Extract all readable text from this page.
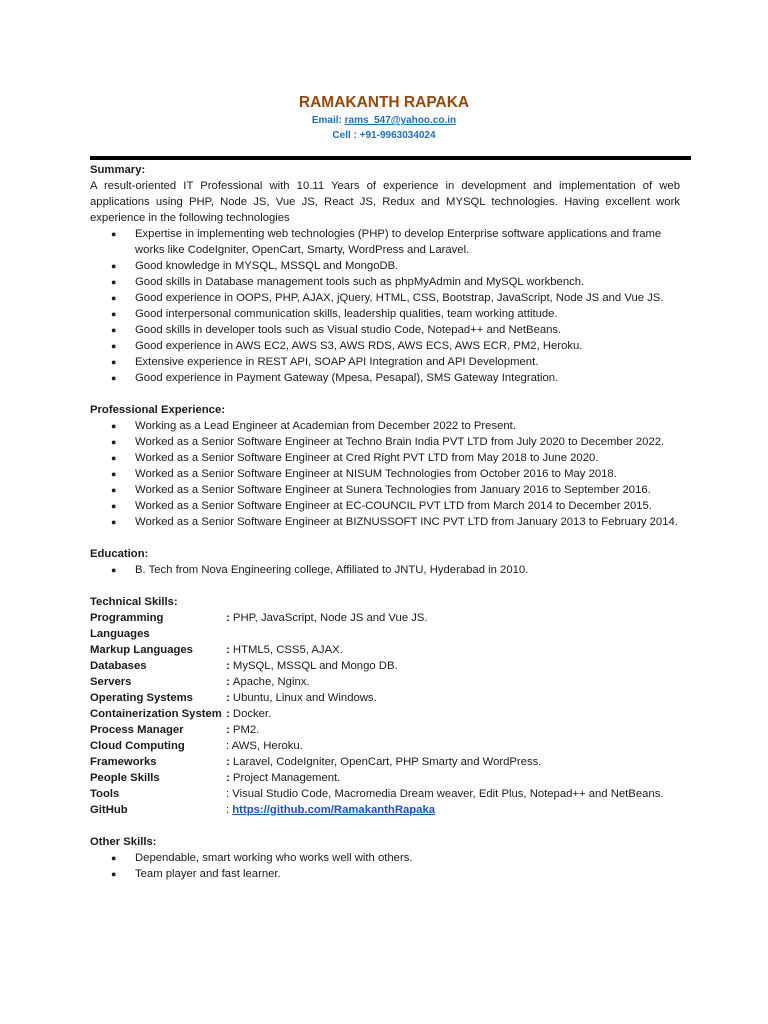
RAMAKANTH RAPAKA
Email: rams_547@yahoo.co.in
Cell : +91-9963034024
Summary:
A result-oriented IT Professional with 10.11 Years of experience in development and implementation of web applications using PHP, Node JS, Vue JS, React JS, Redux and MYSQL technologies. Having excellent work experience in the following technologies
● Expertise in implementing web technologies (PHP) to develop Enterprise software applications and frame works like CodeIgniter, OpenCart, Smarty, WordPress and Laravel.
● Good knowledge in MYSQL, MSSQL and MongoDB.
● Good skills in Database management tools such as phpMyAdmin and MySQL workbench.
● Good experience in OOPS, PHP, AJAX, jQuery, HTML, CSS, Bootstrap, JavaScript, Node JS and Vue JS.
● Good interpersonal communication skills, leadership qualities, team working attitude.
● Good skills in developer tools such as Visual studio Code, Notepad++ and NetBeans.
● Good experience in AWS EC2, AWS S3, AWS RDS, AWS ECS, AWS ECR, PM2, Heroku.
● Extensive experience in REST API, SOAP API Integration and API Development.
● Good experience in Payment Gateway (Mpesa, Pesapal), SMS Gateway Integration.
Professional Experience:
● Working as a Lead Engineer at Academian from December 2022 to Present.
● Worked as a Senior Software Engineer at Techno Brain India PVT LTD from July 2020 to December 2022.
● Worked as a Senior Software Engineer at Cred Right PVT LTD from May 2018 to June 2020.
● Worked as a Senior Software Engineer at NISUM Technologies from October 2016 to May 2018.
● Worked as a Senior Software Engineer at Sunera Technologies from January 2016 to September 2016.
● Worked as a Senior Software Engineer at EC-COUNCIL PVT LTD from March 2014 to December 2015.
● Worked as a Senior Software Engineer at BIZNUSSOFT INC PVT LTD from January 2013 to February 2014.
Education:
● B. Tech from Nova Engineering college, Affiliated to JNTU, Hyderabad in 2010.
Technical Skills:
Programming Languages
: PHP, JavaScript, Node JS and Vue JS.
Markup Languages	: HTML5, CSS5, AJAX.
Databases	: MySQL, MSSQL and Mongo DB.
Servers	: Apache, Nginx.
Operating Systems	: Ubuntu, Linux and Windows.
Containerization System : Docker.
Process Manager	: PM2.
Cloud Computing	: AWS, Heroku.
Frameworks	: Laravel, CodeIgniter, OpenCart, PHP Smarty and WordPress.
People Skills	: Project Management.
Tools	: Visual Studio Code, Macromedia Dream weaver, Edit Plus, Notepad++ and NetBeans.
GitHub	: https://github.com/RamakanthRapaka
Other Skills:
● Dependable, smart working who works well with others.
● Team player and fast learner.
